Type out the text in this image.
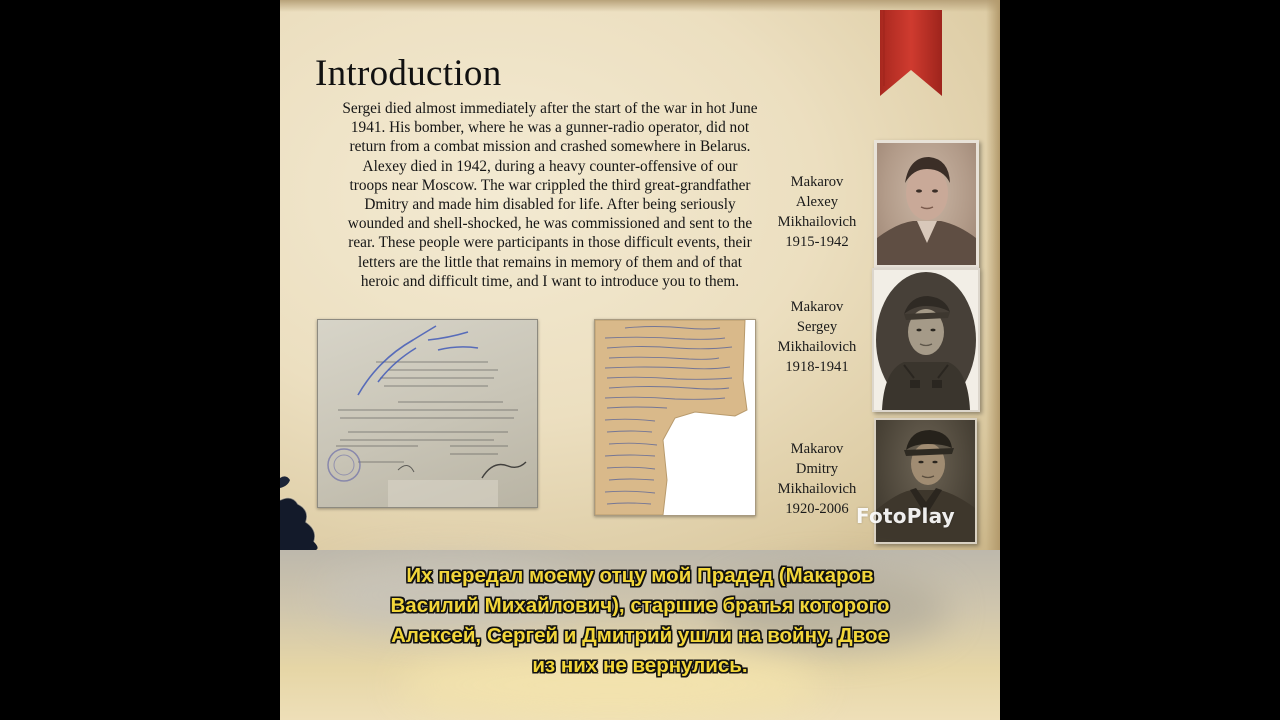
Introduction
Sergei died almost immediately after the start of the war in hot June 1941. His bomber, where he was a gunner-radio operator, did not return from a combat mission and crashed somewhere in Belarus. Alexey died in 1942, during a heavy counter-offensive of our troops near Moscow. The war crippled the third great-grandfather Dmitry and made him disabled for life. After being seriously wounded and shell-shocked, he was commissioned and sent to the rear. These people were participants in those difficult events, their letters are the little that remains in memory of them and of that heroic and difficult time, and I want to introduce you to them.
Makarov
Alexey
Mikhailovich
1915-1942
Makarov
Sergey
Mikhailovich
1918-1941
Makarov
Dmitry
Mikhailovich
1920-2006 FotoPlay
Их передал моему отцу мой Прадед (Макаров
Василий Михайлович), старшие братья которого
Алексей, Сергей и Дмитрий ушли на войну. Двое
из них не вернулись.
